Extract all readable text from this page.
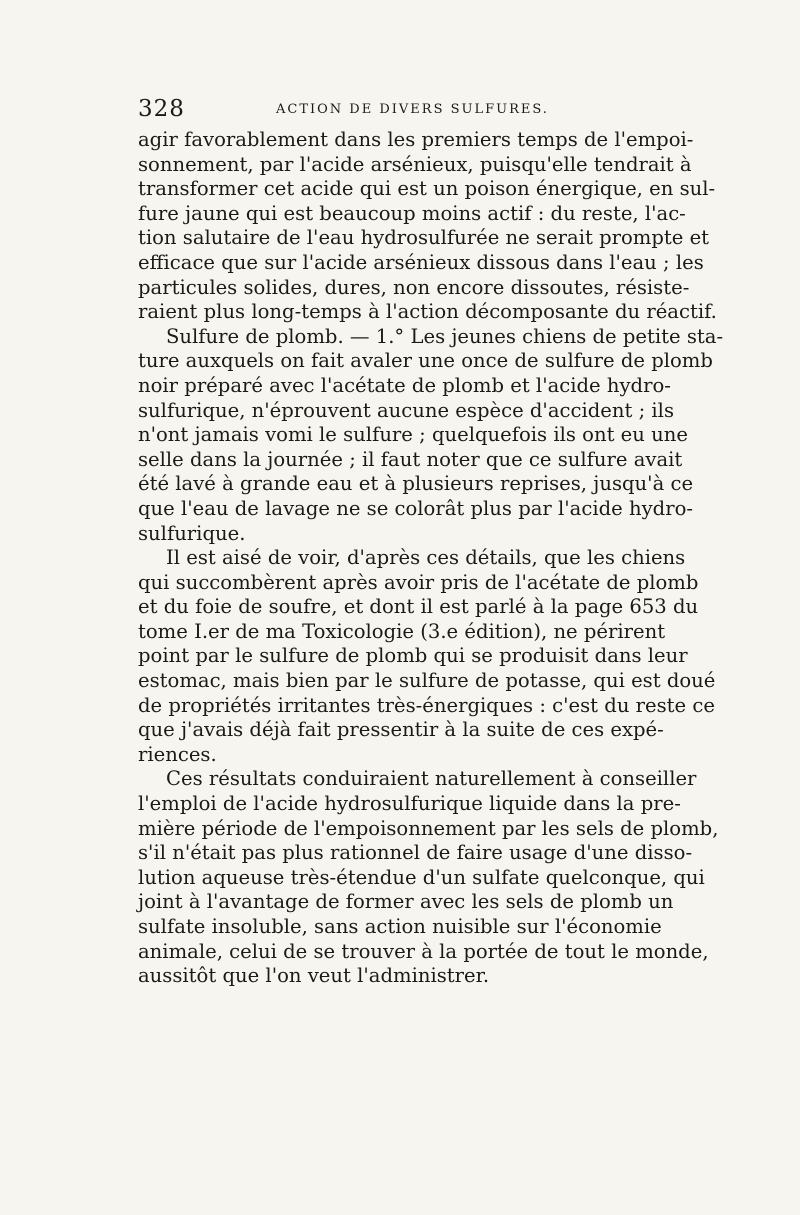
328	ACTION DE DIVERS SULFURES.
agir favorablement dans les premiers temps de l'empoi-
sonnement, par l'acide arsénieux, puisqu'elle tendrait à
transformer cet acide qui est un poison énergique, en sul-
fure jaune qui est beaucoup moins actif : du reste, l'ac-
tion salutaire de l'eau hydrosulfurée ne serait prompte et
efficace que sur l'acide arsénieux dissous dans l'eau ; les
particules solides, dures, non encore dissoutes, résiste-
raient plus long-temps à l'action décomposante du réactif.
Sulfure de plomb. — 1.° Les jeunes chiens de petite sta-
ture auxquels on fait avaler une once de sulfure de plomb
noir préparé avec l'acétate de plomb et l'acide hydro-
sulfurique, n'éprouvent aucune espèce d'accident ; ils
n'ont jamais vomi le sulfure ; quelquefois ils ont eu une
selle dans la journée ; il faut noter que ce sulfure avait
été lavé à grande eau et à plusieurs reprises, jusqu'à ce
que l'eau de lavage ne se colorât plus par l'acide hydro-
sulfurique.
Il est aisé de voir, d'après ces détails, que les chiens
qui succombèrent après avoir pris de l'acétate de plomb
et du foie de soufre, et dont il est parlé à la page 653 du
tome I.er de ma Toxicologie (3.e édition), ne périrent
point par le sulfure de plomb qui se produisit dans leur
estomac, mais bien par le sulfure de potasse, qui est doué
de propriétés irritantes très-énergiques : c'est du reste ce
que j'avais déjà fait pressentir à la suite de ces expé-
riences.
Ces résultats conduiraient naturellement à conseiller
l'emploi de l'acide hydrosulfurique liquide dans la pre-
mière période de l'empoisonnement par les sels de plomb,
s'il n'était pas plus rationnel de faire usage d'une disso-
lution aqueuse très-étendue d'un sulfate quelconque, qui
joint à l'avantage de former avec les sels de plomb un
sulfate insoluble, sans action nuisible sur l'économie
animale, celui de se trouver à la portée de tout le monde,
aussitôt que l'on veut l'administrer.
